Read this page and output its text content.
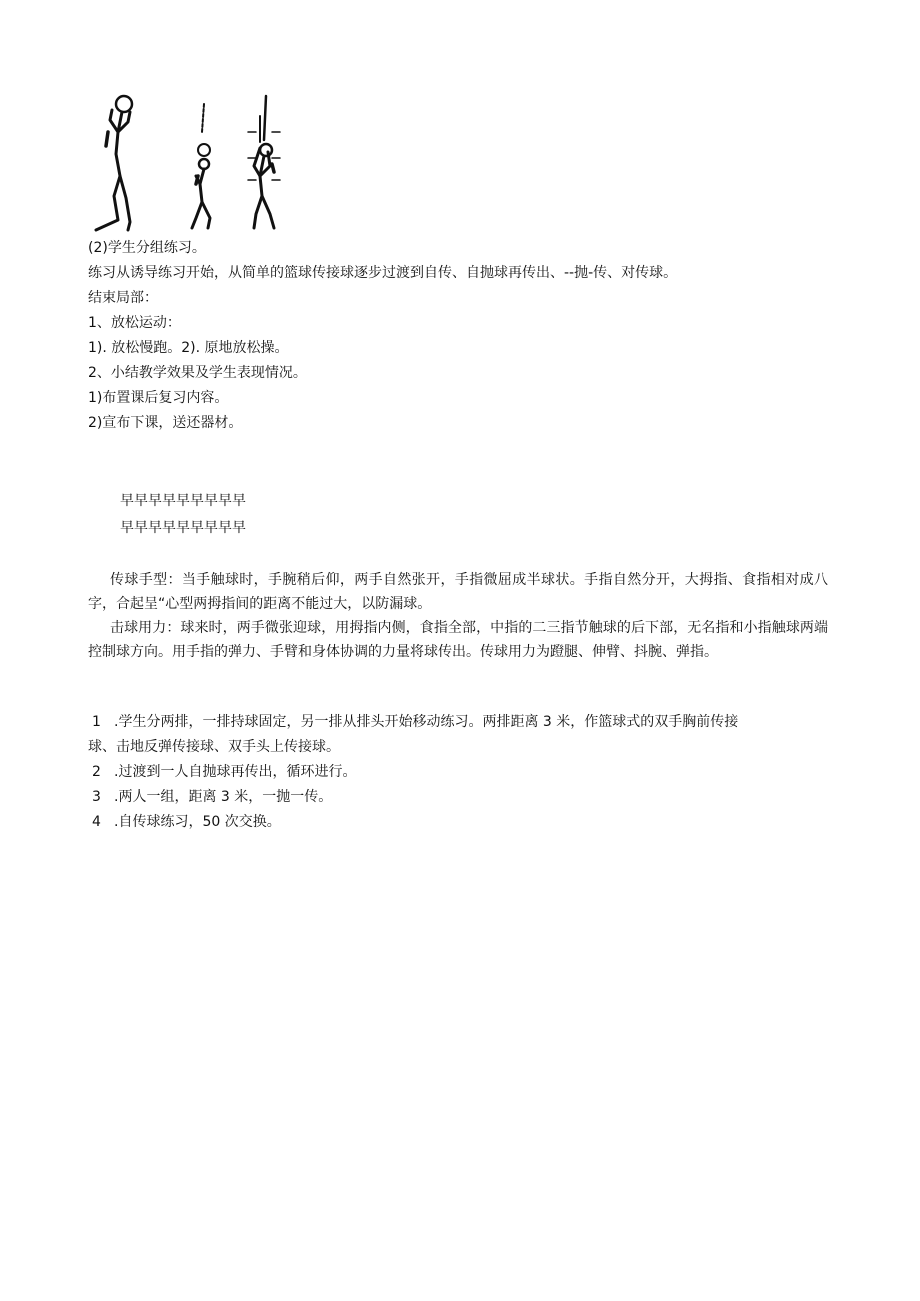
(2)学生分组练习。
练习从诱导练习开始，从简单的篮球传接球逐步过渡到自传、自抛球再传出、--抛-传、对传球。
结束局部：
1、放松运动：
1). 放松慢跑。2). 原地放松操。
2、小结教学效果及学生表现情况。
1)布置课后复习内容。
2)宣布下课，送还器材。
早早早早早早早早早
早早早早早早早早早
传球手型：当手触球时，手腕稍后仰，两手自然张开，手指微屈成半球状。手指自然分开，大拇指、食指相对成八字，合起呈“心型两拇指间的距离不能过大，以防漏球。
击球用力：球来时，两手微张迎球，用拇指内侧，食指全部，中指的二三指节触球的后下部，无名指和小指触球两端控制球方向。用手指的弹力、手臂和身体协调的力量将球传出。传球用力为蹬腿、伸臂、抖腕、弹指。
1 .学生分两排，一排持球固定，另一排从排头开始移动练习。两排距离 3 米，作篮球式的双手胸前传接
球、击地反弹传接球、双手头上传接球。
2 .过渡到一人自抛球再传出，循环进行。
3 .两人一组，距离 3 米，一抛一传。
4 .自传球练习，50 次交换。
